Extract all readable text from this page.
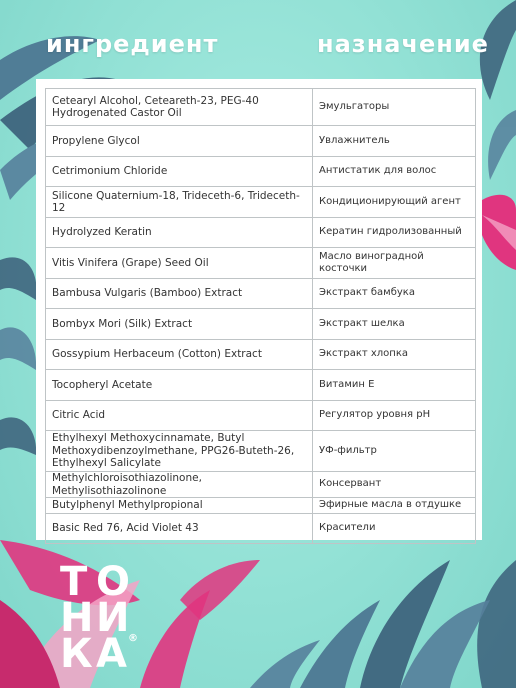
ингредиент	назначение
Cetearyl Alcohol, Ceteareth-23, PEG-40 Hydrogenated Castor Oil	Эмульгаторы
Propylene Glycol	Увлажнитель
Cetrimonium Chloride	Антистатик для волос
Silicone Quaternium-18, Trideceth-6, Trideceth-12	Кондиционирующий агент
Hydrolyzed Keratin	Кератин гидролизованный
Vitis Vinifera (Grape) Seed Oil	Масло виноградной косточки
Bambusa Vulgaris (Bamboo) Extract	Экстракт бамбука
Bombyx Mori (Silk) Extract	Экстракт шелка
Gossypium Herbaceum (Cotton) Extract	Экстракт хлопка
Tocopheryl Acetate	Витамин Е
Citric Acid	Регулятор уровня pH
Ethylhexyl Methoxycinnamate, Butyl Methoxydibenzoylmethane, PPG26-Buteth-26, Ethylhexyl Salicylate	УФ-фильтр
Methylchloroisothiazolinone, Methylisothiazolinone	Консервант
Butylphenyl Methylpropional	Эфирные масла в отдушке
Basic Red 76, Acid Violet 43	Красители
Т О
Н И
К А ®
